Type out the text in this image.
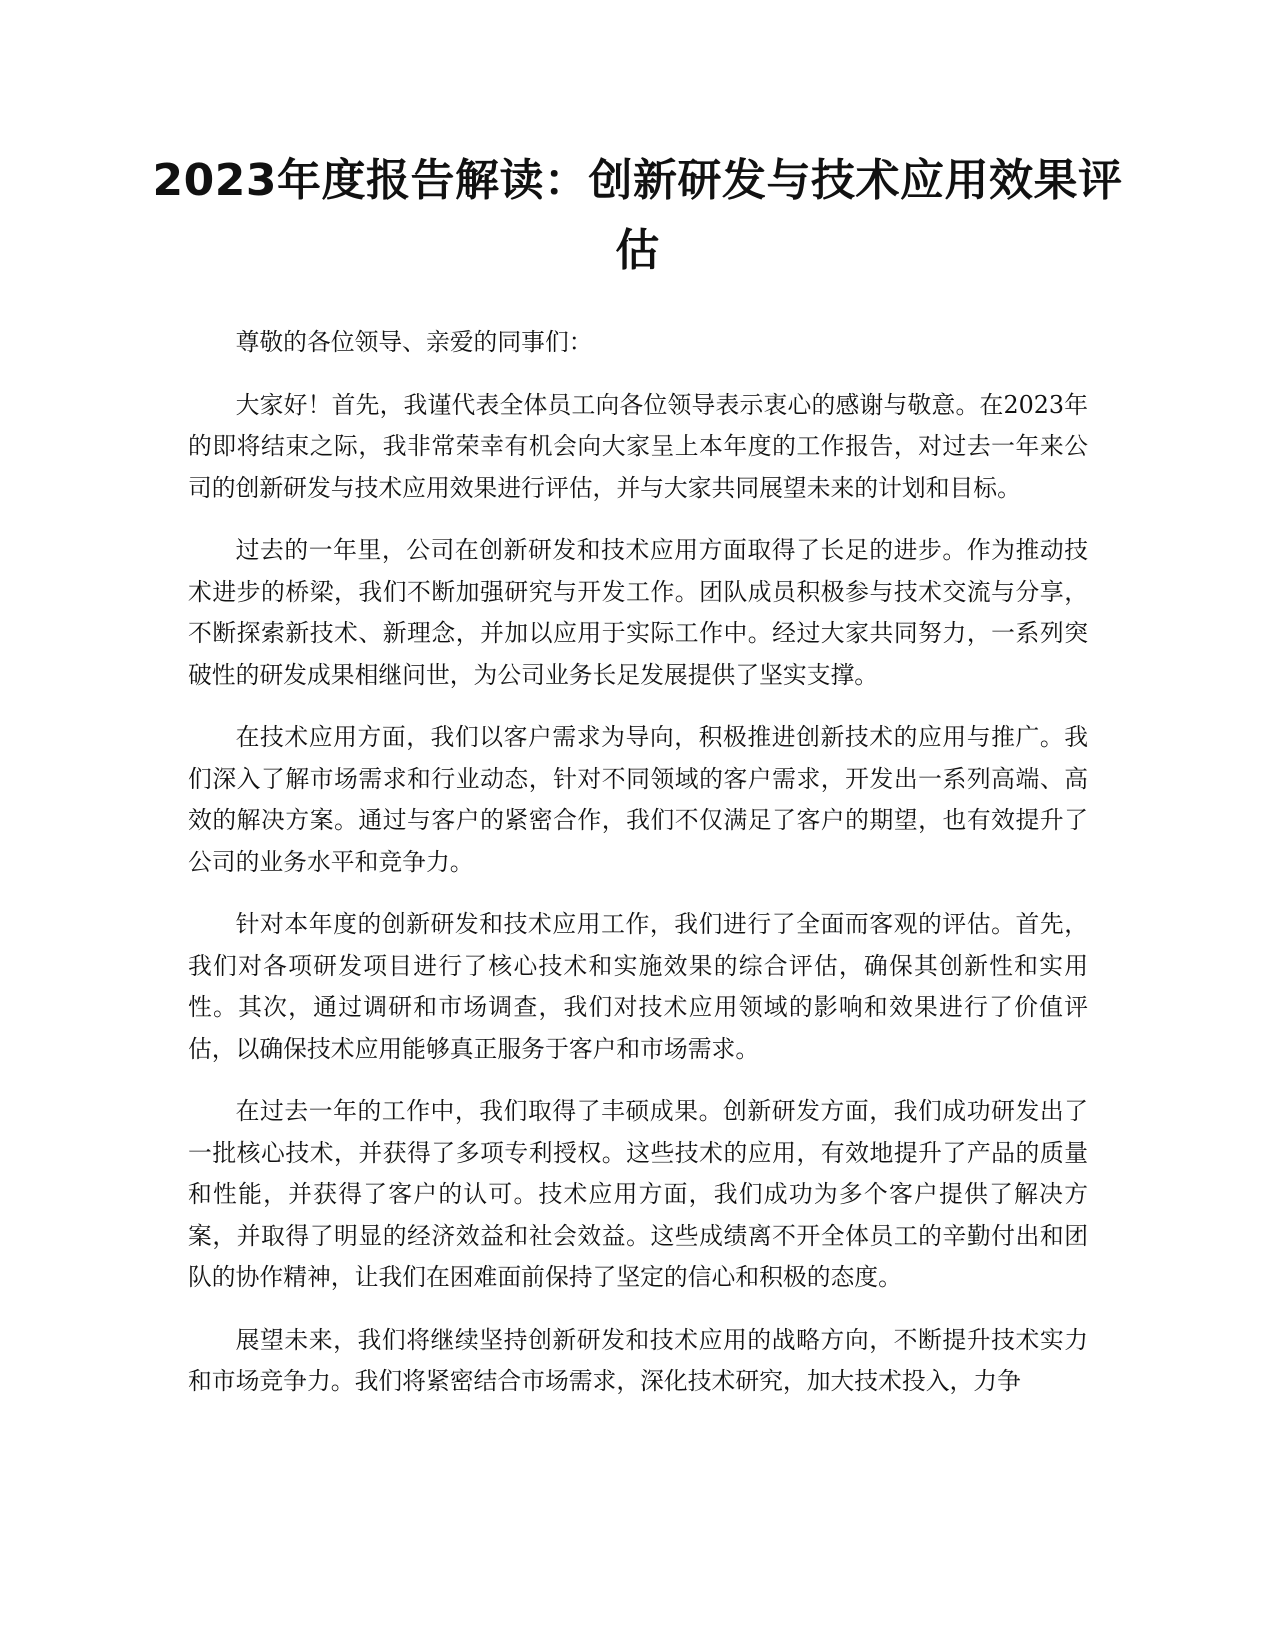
2023年度报告解读：创新研发与技术应用效果评估

尊敬的各位领导、亲爱的同事们：

大家好！首先，我谨代表全体员工向各位领导表示衷心的感谢与敬意。在2023年的即将结束之际，我非常荣幸有机会向大家呈上本年度的工作报告，对过去一年来公司的创新研发与技术应用效果进行评估，并与大家共同展望未来的计划和目标。

过去的一年里，公司在创新研发和技术应用方面取得了长足的进步。作为推动技术进步的桥梁，我们不断加强研究与开发工作。团队成员积极参与技术交流与分享，不断探索新技术、新理念，并加以应用于实际工作中。经过大家共同努力，一系列突破性的研发成果相继问世，为公司业务长足发展提供了坚实支撑。

在技术应用方面，我们以客户需求为导向，积极推进创新技术的应用与推广。我们深入了解市场需求和行业动态，针对不同领域的客户需求，开发出一系列高端、高效的解决方案。通过与客户的紧密合作，我们不仅满足了客户的期望，也有效提升了公司的业务水平和竞争力。

针对本年度的创新研发和技术应用工作，我们进行了全面而客观的评估。首先，我们对各项研发项目进行了核心技术和实施效果的综合评估，确保其创新性和实用性。其次，通过调研和市场调查，我们对技术应用领域的影响和效果进行了价值评估，以确保技术应用能够真正服务于客户和市场需求。

在过去一年的工作中，我们取得了丰硕成果。创新研发方面，我们成功研发出了一批核心技术，并获得了多项专利授权。这些技术的应用，有效地提升了产品的质量和性能，并获得了客户的认可。技术应用方面，我们成功为多个客户提供了解决方案，并取得了明显的经济效益和社会效益。这些成绩离不开全体员工的辛勤付出和团队的协作精神，让我们在困难面前保持了坚定的信心和积极的态度。

展望未来，我们将继续坚持创新研发和技术应用的战略方向，不断提升技术实力和市场竞争力。我们将紧密结合市场需求，深化技术研究，加大技术投入，力争
